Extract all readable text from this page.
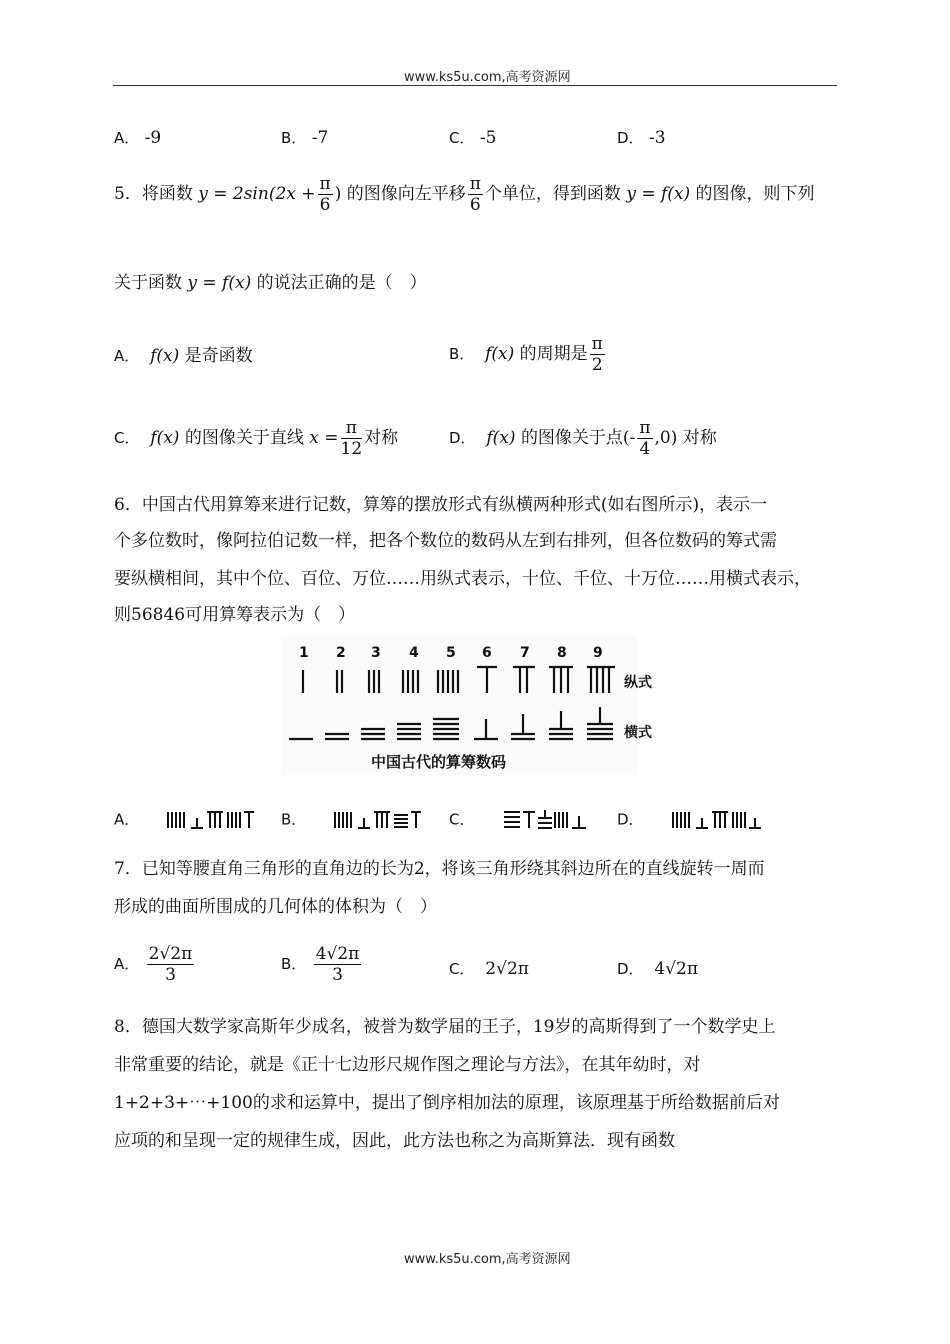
www.ks5u.com,高考资源网
A． -9	B． -7	C． -5	D． -3
5．将函数 $y = 2\sin(2x + \frac{\pi}{6}$ ) 的图像向左平移 $\frac{\pi}{6}$ 个单位，得到函数 y = f(x) 的图像，则下列
关于函数 y = f(x) 的说法正确的是（　）
A． f(x) 是奇函数	B． f(x) 的周期是 $\frac{\pi}{2}$
C． f(x) 的图像关于直线 $x = \frac{\pi}{12}$ 对称	D． f(x) 的图像关于点(- $\frac{\pi}{4} ,0$) 对称
6．中国古代用算筹来进行记数，算筹的摆放形式有纵横两种形式(如右图所示)，表示一
个多位数时，像阿拉伯记数一样，把各个数位的数码从左到右排列，但各位数码的筹式需
要纵横相间，其中个位、百位、万位……用纵式表示，十位、千位、十万位……用横式表示，
则56846可用算筹表示为（　）
1 2 3 4 5 6 7 8 9
纵式
横式
中国古代的算筹数码
A．	B．	C．	D．
7．已知等腰直角三角形的直角边的长为2，将该三角形绕其斜边所在的直线旋转一周而
形成的曲面所围成的几何体的体积为（　）
A． $\frac{2√2\pi}{3}$	B． $\frac{4√2\pi}{3}$	C． 2√2π	D． 4√2π
8．德国大数学家高斯年少成名，被誉为数学届的王子，19岁的高斯得到了一个数学史上
非常重要的结论，就是《正十七边形尺规作图之理论与方法》，在其年幼时，对
1+2+3+⋯+100的求和运算中，提出了倒序相加法的原理，该原理基于所给数据前后对
应项的和呈现一定的规律生成，因此，此方法也称之为高斯算法．现有函数
www.ks5u.com,高考资源网
